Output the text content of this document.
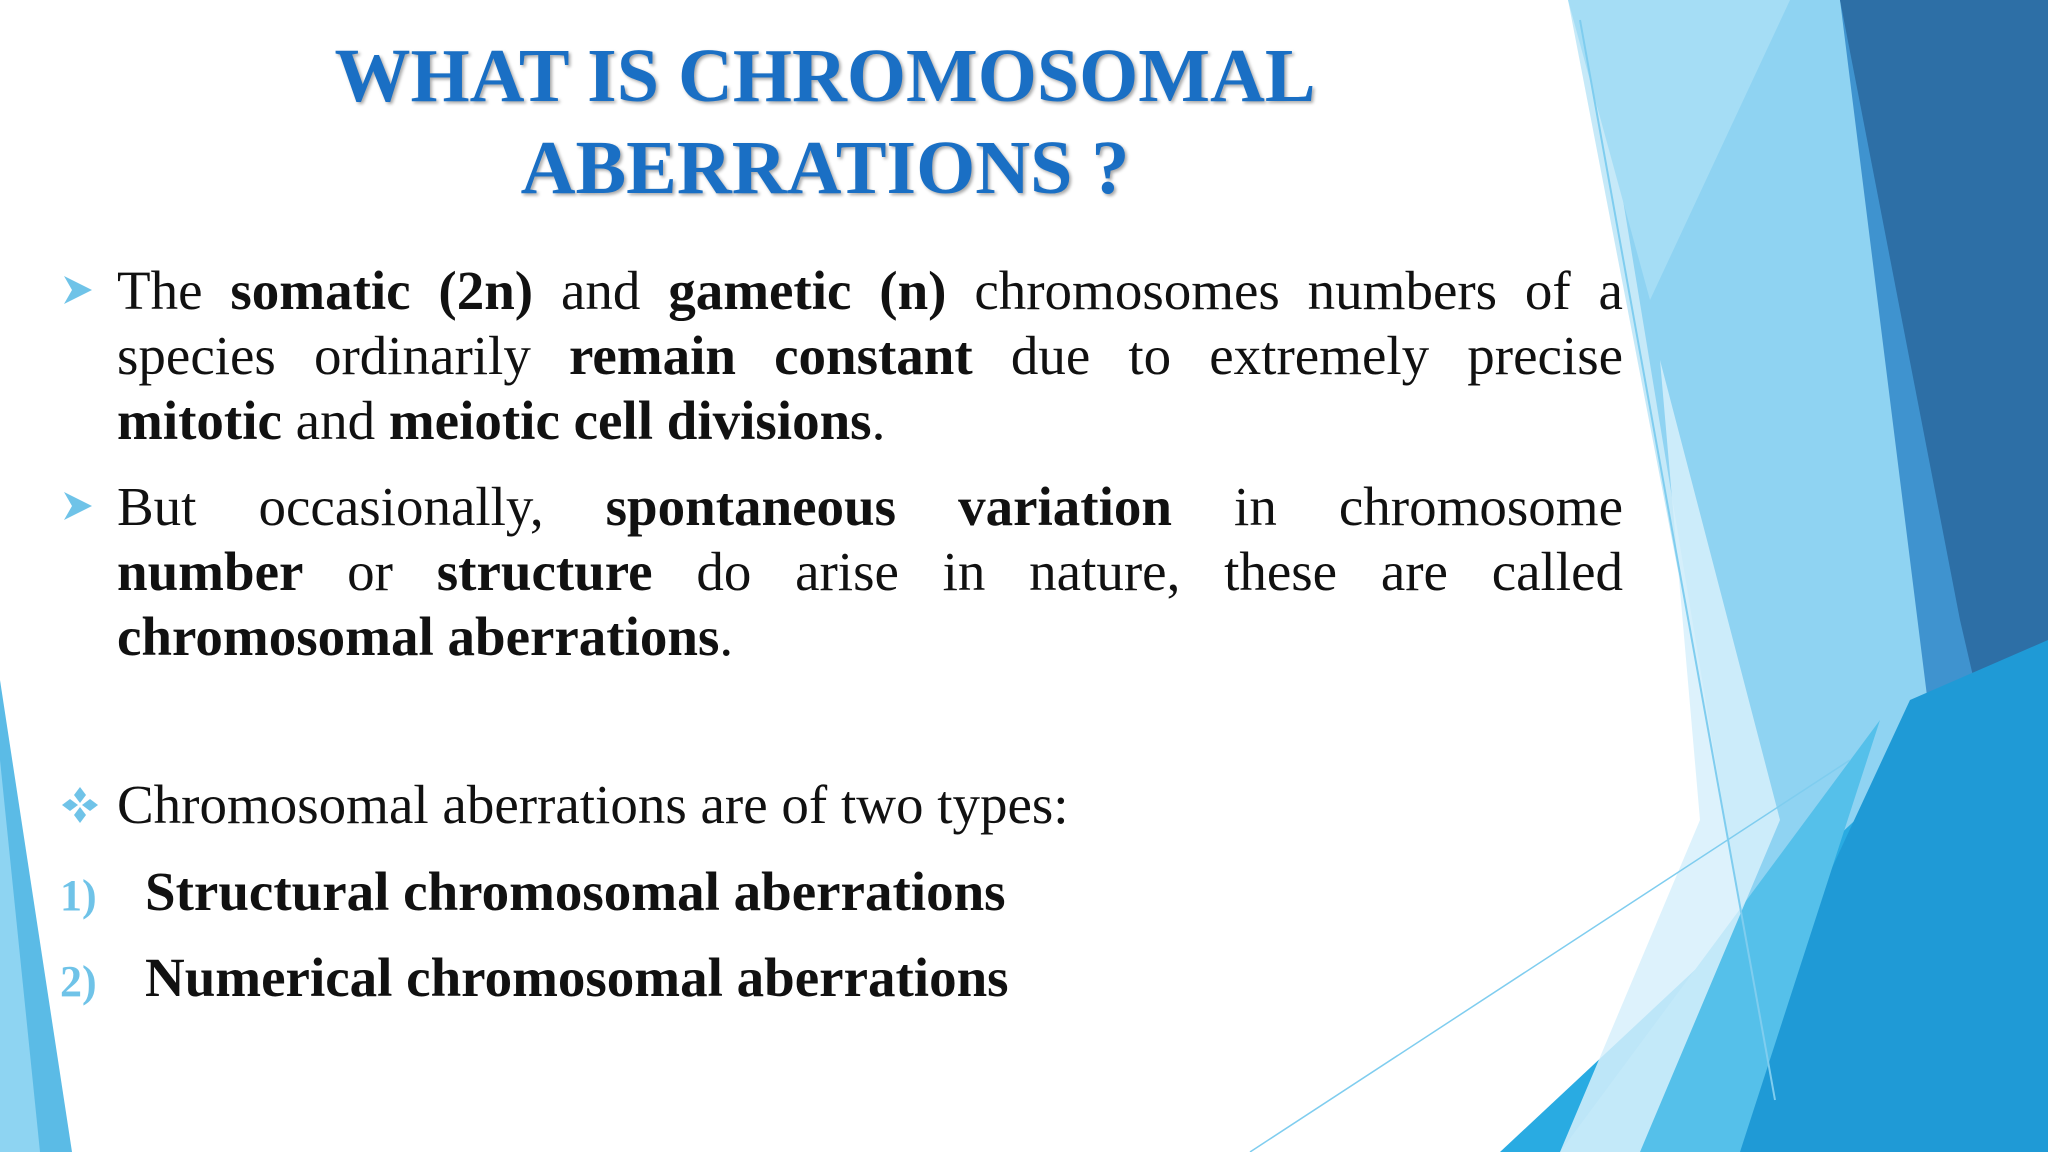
WHAT IS CHROMOSOMAL
ABERRATIONS ?
The somatic (2n) and gametic (n) chromosomes numbers of a
species ordinarily remain constant due to extremely precise
mitotic and meiotic cell divisions.
But occasionally, spontaneous variation in chromosome
number or structure do arise in nature, these are called
chromosomal aberrations.

Chromosomal aberrations are of two types:

1) Structural chromosomal aberrations
2) Numerical chromosomal aberrations
